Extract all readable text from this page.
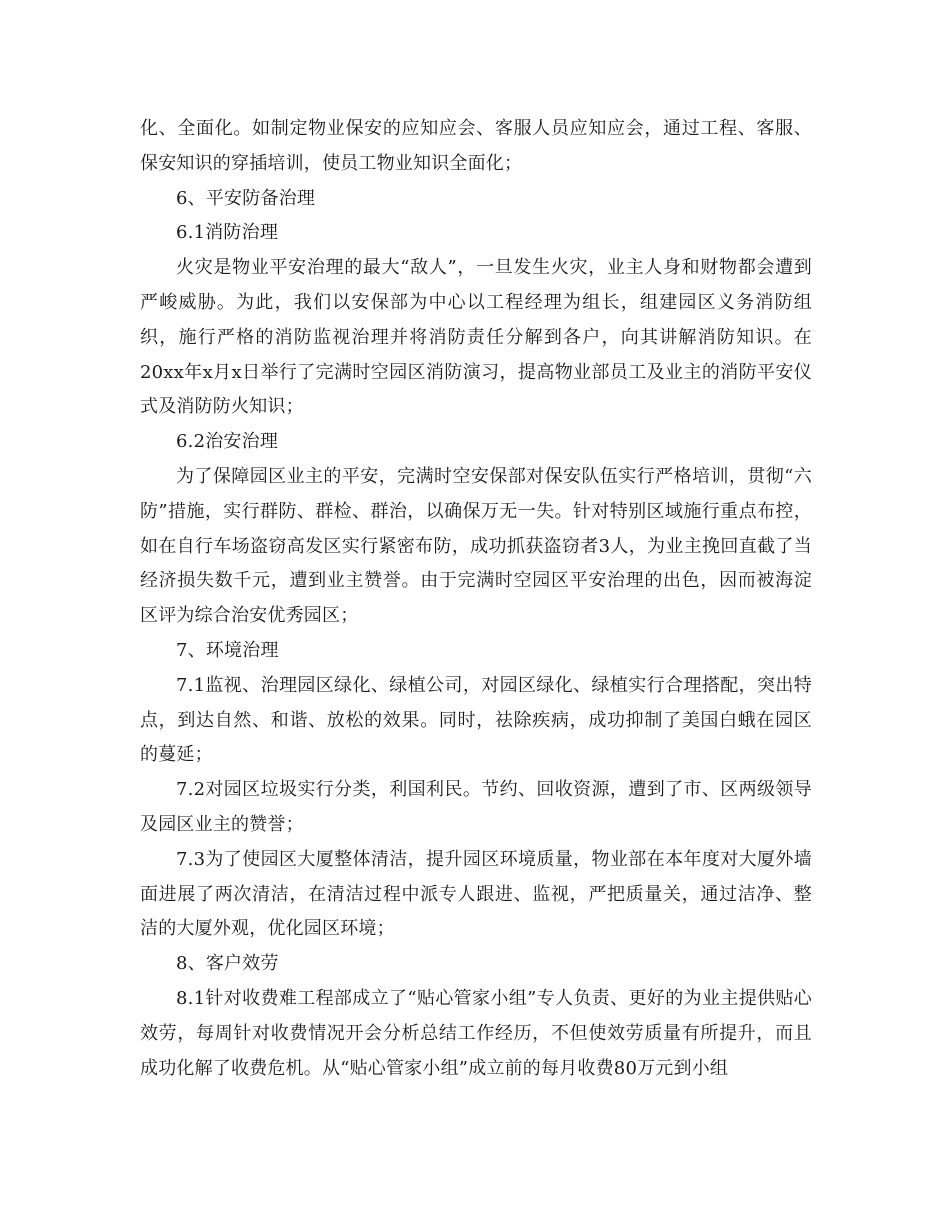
化、全面化。如制定物业保安的应知应会、客服人员应知应会，通过工程、客服、保安知识的穿插培训，使员工物业知识全面化；

6、平安防备治理

6.1消防治理

火灾是物业平安治理的最大“敌人”，一旦发生火灾，业主人身和财物都会遭到严峻威胁。为此，我们以安保部为中心以工程经理为组长，组建园区义务消防组织，施行严格的消防监视治理并将消防责任分解到各户，向其讲解消防知识。在20xx年x月x日举行了完满时空园区消防演习，提高物业部员工及业主的消防平安仪式及消防防火知识；

6.2治安治理

为了保障园区业主的平安，完满时空安保部对保安队伍实行严格培训，贯彻“六防”措施，实行群防、群检、群治，以确保万无一失。针对特别区域施行重点布控，如在自行车场盗窃高发区实行紧密布防，成功抓获盗窃者3人，为业主挽回直截了当经济损失数千元，遭到业主赞誉。由于完满时空园区平安治理的出色，因而被海淀区评为综合治安优秀园区；

7、环境治理

7.1监视、治理园区绿化、绿植公司，对园区绿化、绿植实行合理搭配，突出特点，到达自然、和谐、放松的效果。同时，祛除疾病，成功抑制了美国白蛾在园区的蔓延；

7.2对园区垃圾实行分类，利国利民。节约、回收资源，遭到了市、区两级领导及园区业主的赞誉；

7.3为了使园区大厦整体清洁，提升园区环境质量，物业部在本年度对大厦外墙面进展了两次清洁，在清洁过程中派专人跟进、监视，严把质量关，通过洁净、整洁的大厦外观，优化园区环境；

8、客户效劳

8.1针对收费难工程部成立了“贴心管家小组”专人负责、更好的为业主提供贴心效劳，每周针对收费情况开会分析总结工作经历，不但使效劳质量有所提升，而且成功化解了收费危机。从“贴心管家小组”成立前的每月收费80万元到小组
